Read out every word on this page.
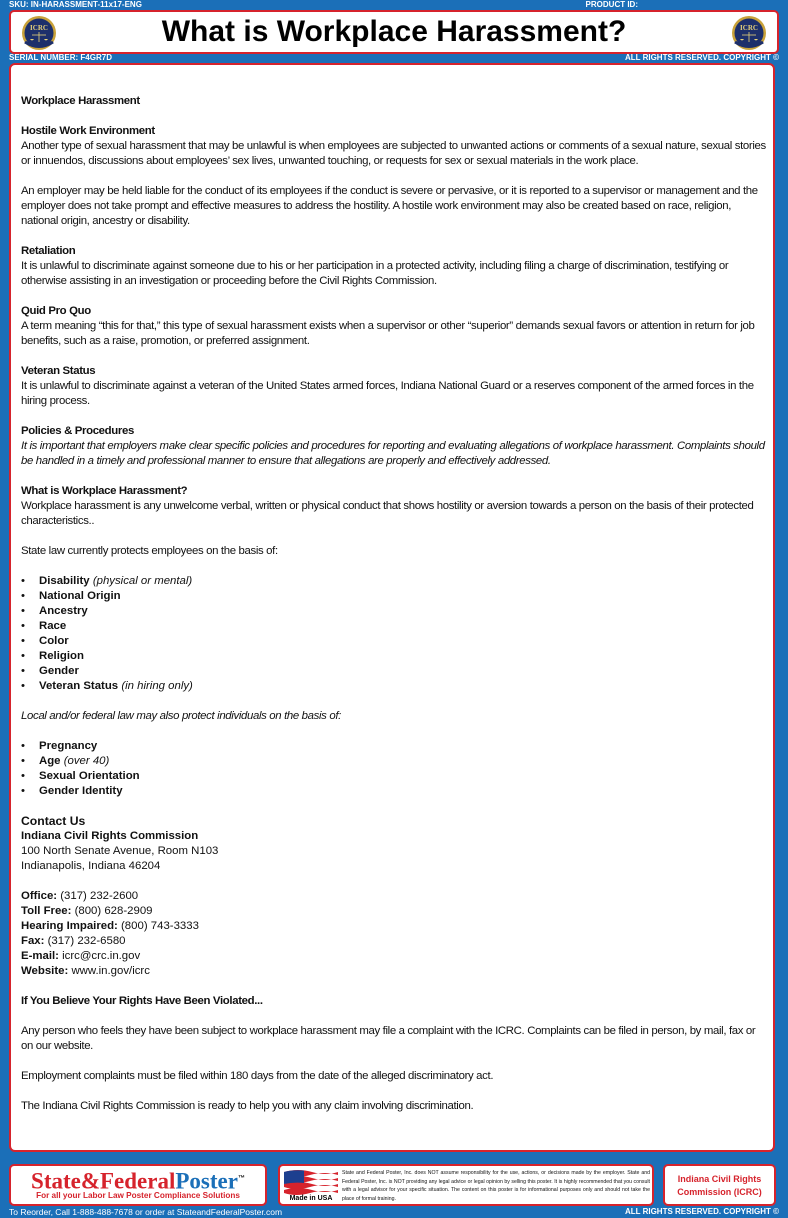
SKU: IN-HARASSMENT-11x17-ENG	PRODUCT ID:
ICRC	What is Workplace Harassment?	ICRC
SERIAL NUMBER: F4GR7D	ALL RIGHTS RESERVED. COPYRIGHT ©

Workplace Harassment

Hostile Work Environment

Another type of sexual harassment that may be unlawful is when employees are subjected to unwanted actions or comments of a sexual nature, sexual stories or innuendos, discussions about employees’ sex lives, unwanted touching, or requests for sex or sexual materials in the work place.

An employer may be held liable for the conduct of its employees if the conduct is severe or pervasive, or it is reported to a supervisor or management and the employer does not take prompt and effective measures to address the hostility. A hostile work environment may also be created based on race, religion, national origin, ancestry or disability.

Retaliation

It is unlawful to discriminate against someone due to his or her participation in a protected activity, including filing a charge of discrimination, testifying or otherwise assisting in an investigation or proceeding before the Civil Rights Commission.

Quid Pro Quo

A term meaning “this for that,” this type of sexual harassment exists when a supervisor or other “superior” demands sexual favors or attention in return for job benefits, such as a raise, promotion, or preferred assignment.

Veteran Status

It is unlawful to discriminate against a veteran of the United States armed forces, Indiana National Guard or a reserves component of the armed forces in the hiring process.

Policies & Procedures

It is important that employers make clear specific policies and procedures for reporting and evaluating allegations of workplace harassment. Complaints should be handled in a timely and professional manner to ensure that allegations are properly and effectively addressed.

What is Workplace Harassment?

Workplace harassment is any unwelcome verbal, written or physical conduct that shows hostility or aversion towards a person on the basis of their protected characteristics..

State law currently protects employees on the basis of:

• Disability (physical or mental)
• National Origin
• Ancestry
• Race
• Color
• Religion
• Gender
• Veteran Status (in hiring only)

Local and/or federal law may also protect individuals on the basis of:

• Pregnancy
• Age (over 40)
• Sexual Orientation
• Gender Identity

Contact Us

Indiana Civil Rights Commission

100 North Senate Avenue, Room N103

Indianapolis, Indiana 46204

Office: (317) 232-2600

Toll Free: (800) 628-2909

Hearing Impaired: (800) 743-3333

Fax: (317) 232-6580

E-mail: icrc@crc.in.gov

Website: www.in.gov/icrc

If You Believe Your Rights Have Been Violated...

Any person who feels they have been subject to workplace harassment may file a complaint with the ICRC. Complaints can be filed in person, by mail, fax or on our website.

Employment complaints must be filed within 180 days from the date of the alleged discriminatory act.

The Indiana Civil Rights Commission is ready to help you with any claim involving discrimination.

State&FederalPoster™
For all your Labor Law Poster Compliance Solutions	Made in USA
State and Federal Poster, Inc. does NOT assume responsibility for the use, actions, or decisions made by the employer. State and Federal Poster, Inc. is NOT providing any legal advice or legal opinion by selling this poster. It is highly recommended that you consult with a legal advisor for your specific situation. The content on this poster is for informational purposes only and should not take the place of formal training.
Indiana Civil Rights
Commission (ICRC)
To Reorder, Call 1-888-488-7678 or order at StateandFederalPoster.com	ALL RIGHTS RESERVED. COPYRIGHT ©
